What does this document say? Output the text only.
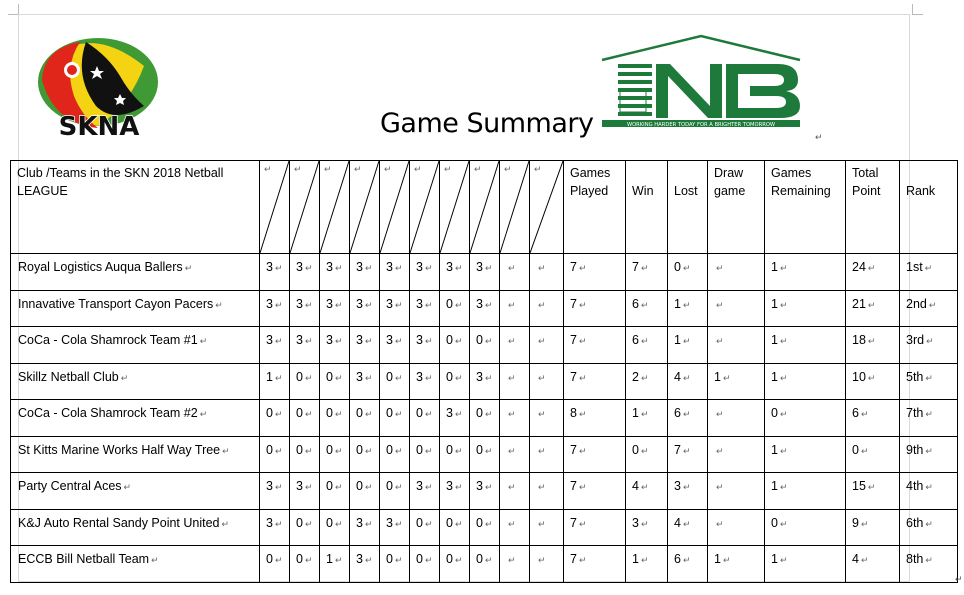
SKNA	WORKING HARDER TODAY FOR A BRIGHTER TOMORROW
↵
Game Summary
Club /Teams in the SKN 2018 Netball LEAGUE	↵	↵	↵	↵	↵	↵	↵	↵	↵	↵	Games Played	Win	Lost	Draw game	Games Remaining	Total Point	Rank

Royal Logistics Auqua Ballers ↵	3 ↵	3 ↵	3 ↵	3 ↵	3 ↵	3 ↵	3 ↵	3 ↵	↵	↵	7 ↵	7 ↵	0 ↵	↵	1 ↵	24 ↵	1st ↵

Innavative Transport Cayon Pacers ↵	3 ↵	3 ↵	3 ↵	3 ↵	3 ↵	3 ↵	0 ↵	3 ↵	↵	↵	7 ↵	6 ↵	1 ↵	↵	1 ↵	21 ↵	2nd ↵

CoCa - Cola Shamrock Team #1 ↵	3 ↵	3 ↵	3 ↵	3 ↵	3 ↵	3 ↵	0 ↵	0 ↵	↵	↵	7 ↵	6 ↵	1 ↵	↵	1 ↵	18 ↵	3rd ↵

Skillz Netball Club ↵	1 ↵	0 ↵	0 ↵	3 ↵	0 ↵	3 ↵	0 ↵	3 ↵	↵	↵	7 ↵	2 ↵	4 ↵	1 ↵	1 ↵	10 ↵	5th ↵

CoCa - Cola Shamrock Team #2 ↵	0 ↵	0 ↵	0 ↵	0 ↵	0 ↵	0 ↵	3 ↵	0 ↵	↵	↵	8 ↵	1 ↵	6 ↵	↵	0 ↵	6 ↵	7th ↵

St Kitts Marine Works Half Way Tree ↵	0 ↵	0 ↵	0 ↵	0 ↵	0 ↵	0 ↵	0 ↵	0 ↵	↵	↵	7 ↵	0 ↵	7 ↵	↵	1 ↵	0 ↵	9th ↵

Party Central Aces ↵	3 ↵	3 ↵	0 ↵	0 ↵	0 ↵	3 ↵	3 ↵	3 ↵	↵	↵	7 ↵	4 ↵	3 ↵	↵	1 ↵	15 ↵	4th ↵

K&J Auto Rental Sandy Point United ↵	3 ↵	0 ↵	0 ↵	3 ↵	3 ↵	0 ↵	0 ↵	0 ↵	↵	↵	7 ↵	3 ↵	4 ↵	↵	0 ↵	9 ↵	6th ↵

ECCB Bill Netball Team ↵	0 ↵	0 ↵	1 ↵	3 ↵	0 ↵	0 ↵	0 ↵	0 ↵	↵	↵	7 ↵	1 ↵	6 ↵	1 ↵	1 ↵	4 ↵	8th ↵
↵
